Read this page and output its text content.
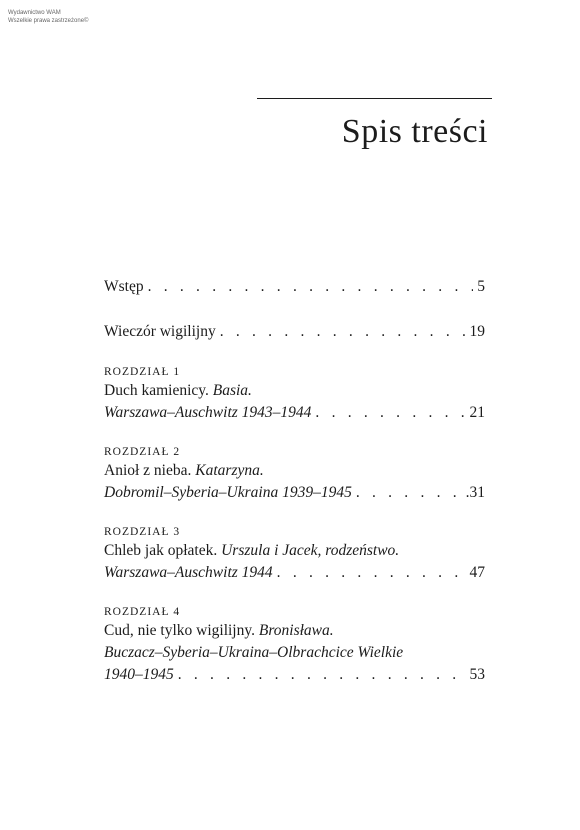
Wydawnictwo WAM
Wszelkie prawa zastrzeżone©
Spis treści
Wstęp . . .	5
Wieczór wigilijny . . .	19
ROZDZIAŁ 1
Duch kamienicy. Basia.
Warszawa–Auschwitz 1943–1944 . . .	21
ROZDZIAŁ 2
Anioł z nieba. Katarzyna.
Dobromil–Syberia–Ukraina 1939–1945 . . .	.31
ROZDZIAŁ 3
Chleb jak opłatek. Urszula i Jacek, rodzeństwo.
Warszawa–Auschwitz 1944 . . .	47
ROZDZIAŁ 4
Cud, nie tylko wigilijny. Bronisława.
Buczacz–Syberia–Ukraina–Olbrachcice Wielkie
1940–1945 . . .	53
